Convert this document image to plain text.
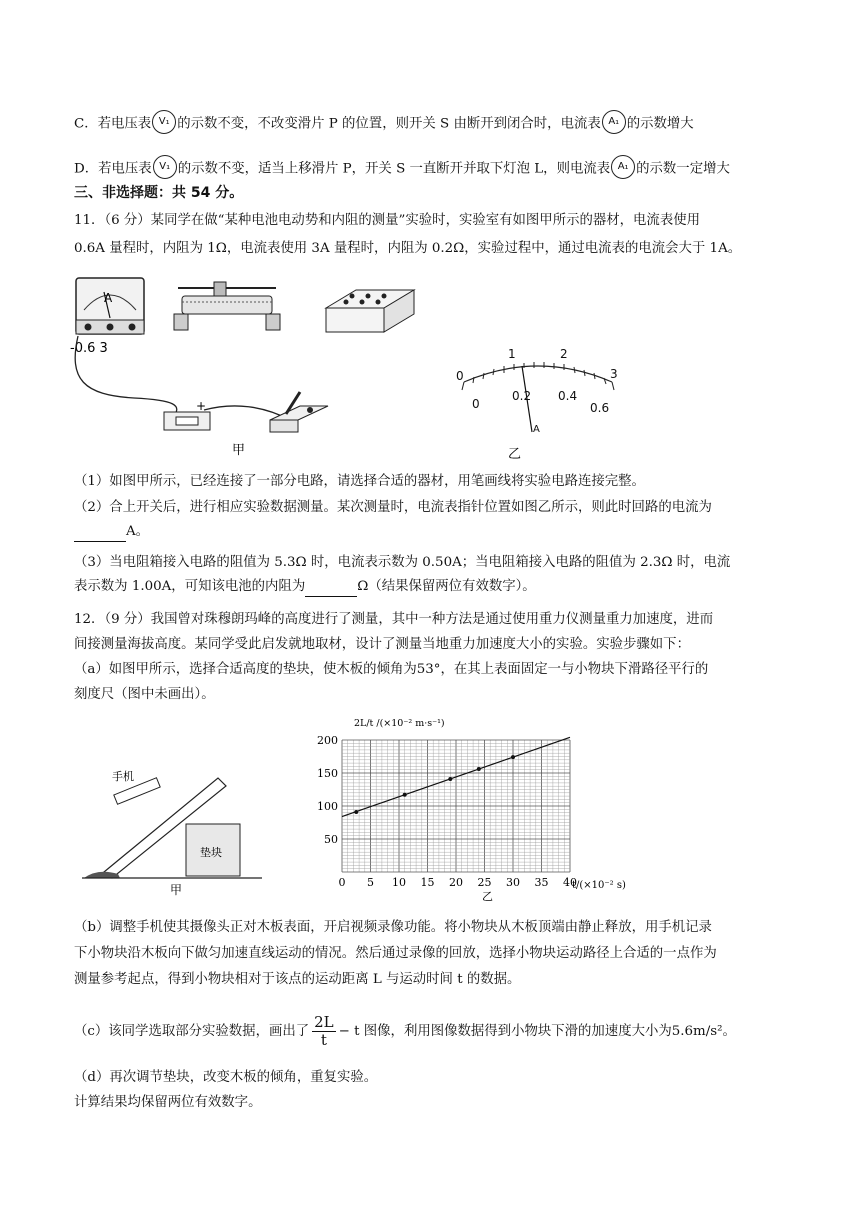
C．若电压表 V₁ 的示数不变，不改变滑片 P 的位置，则开关 S 由断开到闭合时，电流表 A₁ 的示数增大
D．若电压表 V₁ 的示数不变，适当上移滑片 P，开关 S 一直断开并取下灯泡 L，则电流表 A₁ 的示数一定增大
三、非选择题：共 54 分。
11．（6 分）某同学在做“某种电池电动势和内阻的测量”实验时，实验室有如图甲所示的器材，电流表使用
0.6A 量程时，内阻为 1Ω，电流表使用 3A 量程时，内阻为 0.2Ω，实验过程中，通过电流表的电流会大于 1A。
A
-0.6 3
+
甲
0
1	2
3
0
0.2 0.4
0.6
A
乙
（1）如图甲所示，已经连接了一部分电路，请选择合适的器材，用笔画线将实验电路连接完整。
（2）合上开关后，进行相应实验数据测量。某次测量时，电流表指针位置如图乙所示，则此时回路的电流为
A。
（3）当电阻箱接入电路的阻值为 5.3Ω 时，电流表示数为 0.50A；当电阻箱接入电路的阻值为 2.3Ω 时，电流
表示数为 1.00A，可知该电池的内阻为	Ω（结果保留两位有效数字）。
12．（9 分）我国曾对珠穆朗玛峰的高度进行了测量，其中一种方法是通过使用重力仪测量重力加速度，进而
间接测量海拔高度。某同学受此启发就地取材，设计了测量当地重力加速度大小的实验。实验步骤如下：
（a）如图甲所示，选择合适高度的垫块，使木板的倾角为53°，在其上表面固定一与小物块下滑路径平行的
刻度尺（图中未画出）。
手机
垫块
甲
2L/t /(×10⁻² m·s⁻¹)
50
100
150
200
0 5 10 15 20 25 30 35 40
t/(×10⁻² s)
乙
（b）调整手机使其摄像头正对木板表面，开启视频录像功能。将小物块从木板顶端由静止释放，用手机记录
下小物块沿木板向下做匀加速直线运动的情况。然后通过录像的回放，选择小物块运动路径上合适的一点作为
测量参考起点，得到小物块相对于该点的运动距离 L 与运动时间 t 的数据。
（c）该同学选取部分实验数据，画出了 $\frac{2L}{t} - t$ 图像，利用图像数据得到小物块下滑的加速度大小为5.6m/s²。
（d）再次调节垫块，改变木板的倾角，重复实验。
计算结果均保留两位有效数字。
